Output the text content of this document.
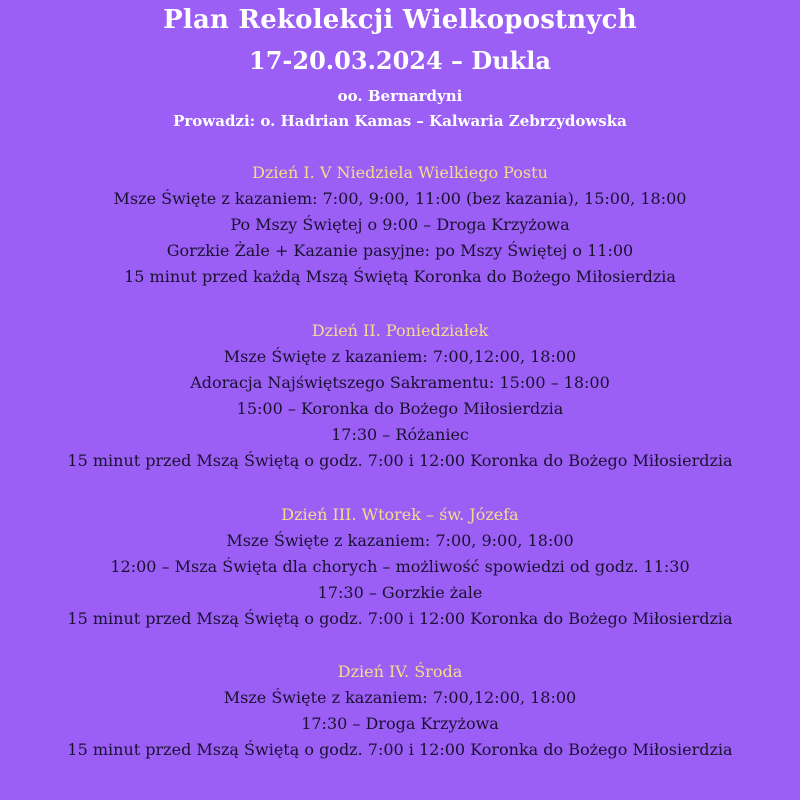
Plan Rekolekcji Wielkopostnych
17-20.03.2024 – Dukla
oo. Bernardyni
Prowadzi: o. Hadrian Kamas – Kalwaria Zebrzydowska
Dzień I. V Niedziela Wielkiego Postu
Msze Święte z kazaniem: 7:00, 9:00, 11:00 (bez kazania), 15:00, 18:00
Po Mszy Świętej o 9:00 – Droga Krzyżowa
Gorzkie Żale + Kazanie pasyjne: po Mszy Świętej o 11:00
15 minut przed każdą Mszą Świętą Koronka do Bożego Miłosierdzia
Dzień II. Poniedziałek
Msze Święte z kazaniem: 7:00,12:00, 18:00
Adoracja Najświętszego Sakramentu: 15:00 – 18:00
15:00 – Koronka do Bożego Miłosierdzia
17:30 – Różaniec
15 minut przed Mszą Świętą o godz. 7:00 i 12:00 Koronka do Bożego Miłosierdzia
Dzień III. Wtorek – św. Józefa
Msze Święte z kazaniem: 7:00, 9:00, 18:00
12:00 – Msza Święta dla chorych – możliwość spowiedzi od godz. 11:30
17:30 – Gorzkie żale
15 minut przed Mszą Świętą o godz. 7:00 i 12:00 Koronka do Bożego Miłosierdzia
Dzień IV. Środa
Msze Święte z kazaniem: 7:00,12:00, 18:00
17:30 – Droga Krzyżowa
15 minut przed Mszą Świętą o godz. 7:00 i 12:00 Koronka do Bożego Miłosierdzia
